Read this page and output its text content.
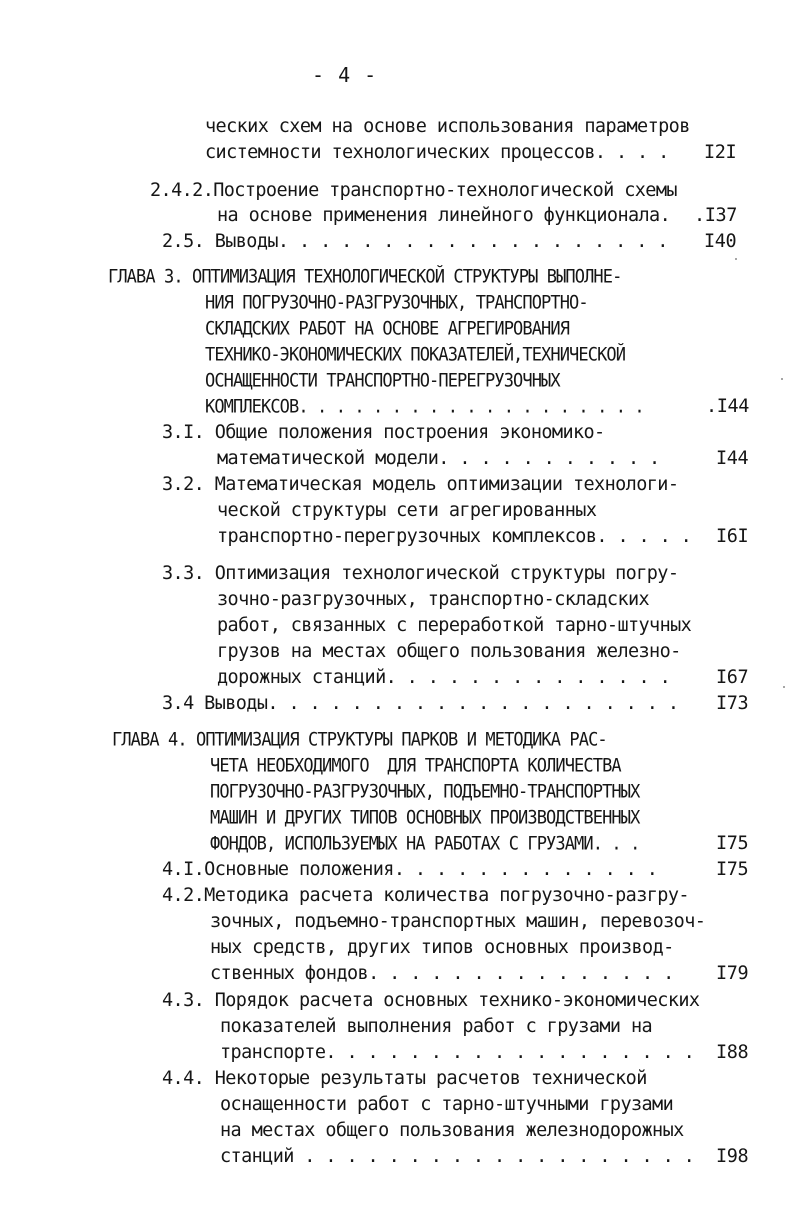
- 4 -
ческих схем на основе использования параметров
системности технологических процессов. . . . I2I
2.4.2.Построение транспортно-технологической схемы
на основе применения линейного функционала. .I37
2.5. Выводы. . . . . . . . . . . . . . . . . . . I40
ГЛАВА 3. ОПТИМИЗАЦИЯ ТЕХНОЛОГИЧЕСКОЙ СТРУКТУРЫ ВЫПОЛНЕ-
НИЯ ПОГРУЗОЧНО-РАЗГРУЗОЧНЫХ, ТРАНСПОРТНО-
СКЛАДСКИХ РАБОТ НА ОСНОВЕ АГРЕГИРОВАНИЯ
ТЕХНИКО-ЭКОНОМИЧЕСКИХ ПОКАЗАТЕЛЕЙ,ТЕХНИЧЕСКОЙ
ОСНАЩЕННОСТИ ТРАНСПОРТНО-ПЕРЕГРУЗОЧНЫХ
КОМПЛЕКСОВ. . . . . . . . . . . . . . . . . . .	.I44
3.I. Общие положения построения экономико-
математической модели. . . . . . . . . . .	I44
3.2. Математическая модель оптимизации технологи-
ческой структуры сети агрегированных
транспортно-перегрузочных комплексов. . . . . I6I
3.3. Оптимизация технологической структуры погру-
зочно-разгрузочных, транспортно-складских
работ, связанных с переработкой тарно-штучных
грузов на местах общего пользования железно-
дорожных станций. . . . . . . . . . . . . . I67
3.4 Выводы. . . . . . . . . . . . . . . . . . . . I73
ГЛАВА 4. ОПТИМИЗАЦИЯ СТРУКТУРЫ ПАРКОВ И МЕТОДИКА РАС-
ЧЕТА НЕОБХОДИМОГО  ДЛЯ ТРАНСПОРТА КОЛИЧЕСТВА
ПОГРУЗОЧНО-РАЗГРУЗОЧНЫХ, ПОДЪЕМНО-ТРАНСПОРТНЫХ
МАШИН И ДРУГИХ ТИПОВ ОСНОВНЫХ ПРОИЗВОДСТВЕННЫХ
ФОНДОВ, ИСПОЛЬЗУЕМЫХ НА РАБОТАХ С ГРУЗАМИ. . .	I75
4.I.Основные положения. . . . . . . . . . . . .	I75
4.2.Методика расчета количества погрузочно-разгру-
зочных, подъемно-транспортных машин, перевозоч-
ных средств, других типов основных производ-
ственных фондов. . . . . . . . . . . . . . . I79
4.3. Порядок расчета основных технико-экономических
показателей выполнения работ с грузами на
транспорте. . . . . . . . . . . . . . . . . . I88
4.4. Некоторые результаты расчетов технической
оснащенности работ с тарно-штучными грузами
на местах общего пользования железнодорожных
станций . . . . . . . . . . . . . . . . . . . I98
